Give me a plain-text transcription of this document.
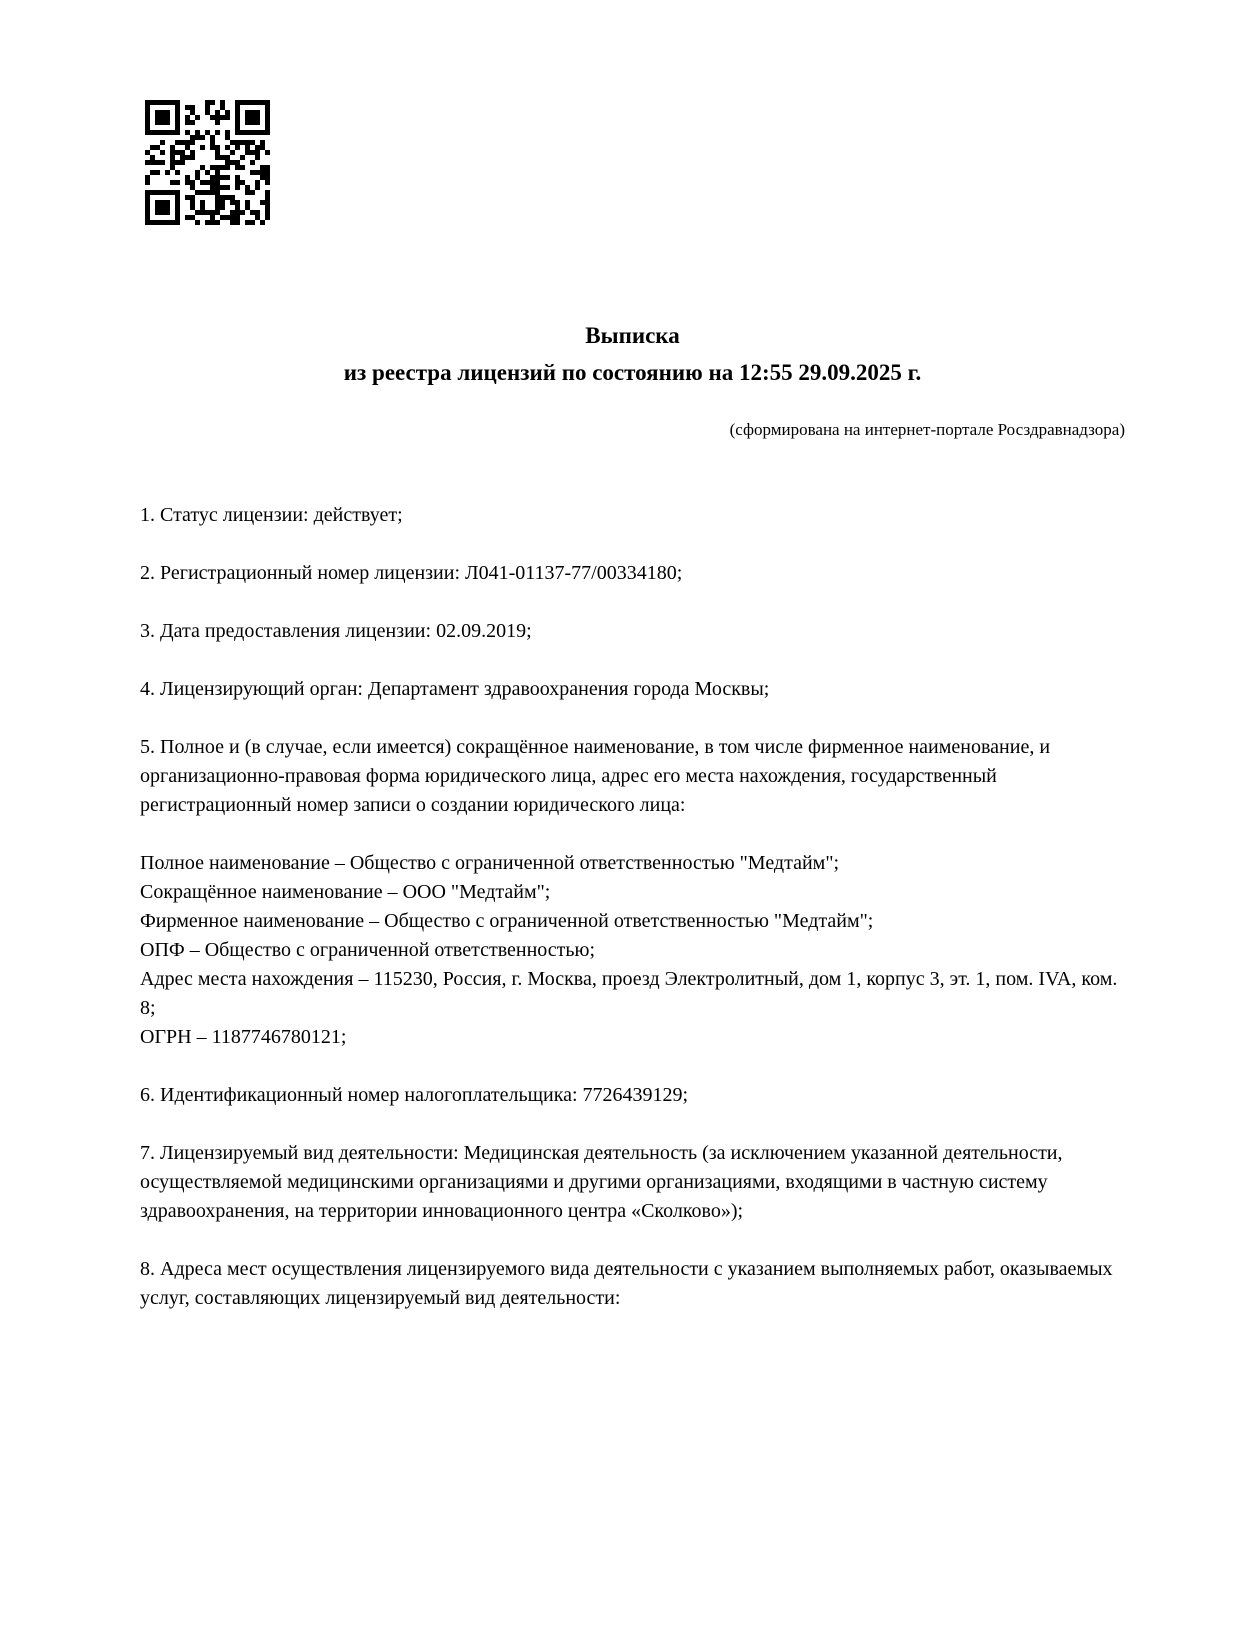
Выписка
из реестра лицензий по состоянию на 12:55 29.09.2025 г.
(сформирована на интернет-портале Росздравнадзора)

1. Статус лицензии: действует;

2. Регистрационный номер лицензии: Л041-01137-77/00334180;

3. Дата предоставления лицензии: 02.09.2019;

4. Лицензирующий орган: Департамент здравоохранения города Москвы;

5. Полное и (в случае, если имеется) сокращённое наименование, в том числе фирменное наименование, и организационно-правовая форма юридического лица, адрес его места нахождения, государственный регистрационный номер записи о создании юридического лица:

Полное наименование – Общество с ограниченной ответственностью "Медтайм";

Сокращённое наименование – ООО "Медтайм";

Фирменное наименование – Общество с ограниченной ответственностью "Медтайм";

ОПФ – Общество с ограниченной ответственностью;

Адрес места нахождения – 115230, Россия, г. Москва, проезд Электролитный, дом 1, корпус 3, эт. 1, пом. IVA, ком. 8;

ОГРН – 1187746780121;

6. Идентификационный номер налогоплательщика: 7726439129;

7. Лицензируемый вид деятельности: Медицинская деятельность (за исключением указанной деятельности, осуществляемой медицинскими организациями и другими организациями, входящими в частную систему здравоохранения, на территории инновационного центра «Сколково»);

8. Адреса мест осуществления лицензируемого вида деятельности с указанием выполняемых работ, оказываемых услуг, составляющих лицензируемый вид деятельности:
